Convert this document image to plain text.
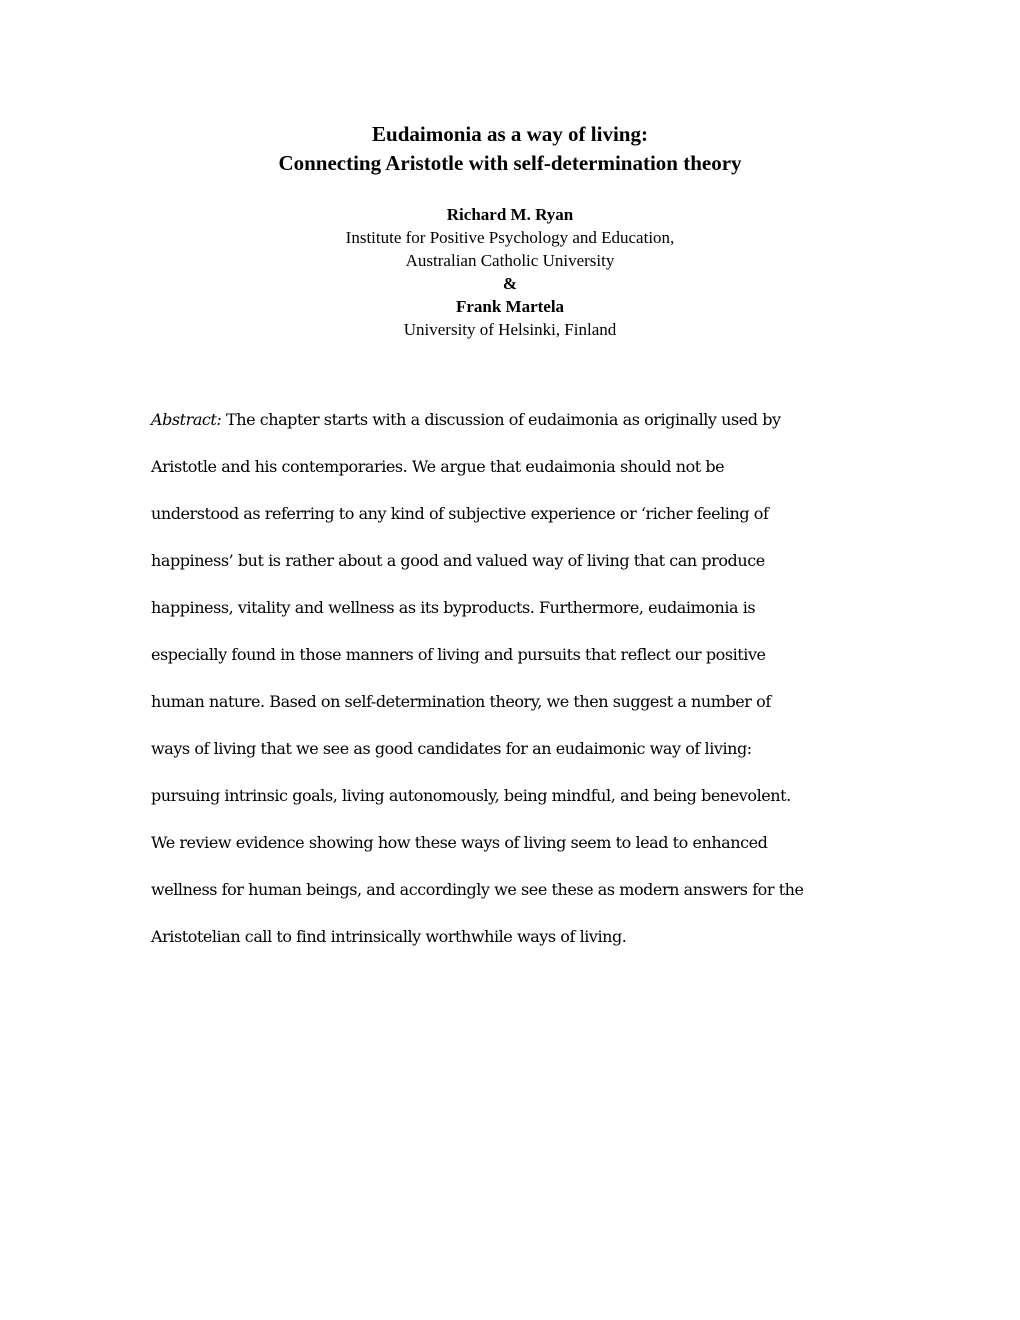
Eudaimonia as a way of living:
Connecting Aristotle with self-determination theory
Richard M. Ryan
Institute for Positive Psychology and Education,
Australian Catholic University
&
Frank Martela
University of Helsinki, Finland
Abstract: The chapter starts with a discussion of eudaimonia as originally used by
Aristotle and his contemporaries. We argue that eudaimonia should not be
understood as referring to any kind of subjective experience or ‘richer feeling of
happiness’ but is rather about a good and valued way of living that can produce
happiness, vitality and wellness as its byproducts. Furthermore, eudaimonia is
especially found in those manners of living and pursuits that reflect our positive
human nature. Based on self-determination theory, we then suggest a number of
ways of living that we see as good candidates for an eudaimonic way of living:
pursuing intrinsic goals, living autonomously, being mindful, and being benevolent.
We review evidence showing how these ways of living seem to lead to enhanced
wellness for human beings, and accordingly we see these as modern answers for the
Aristotelian call to find intrinsically worthwhile ways of living.
